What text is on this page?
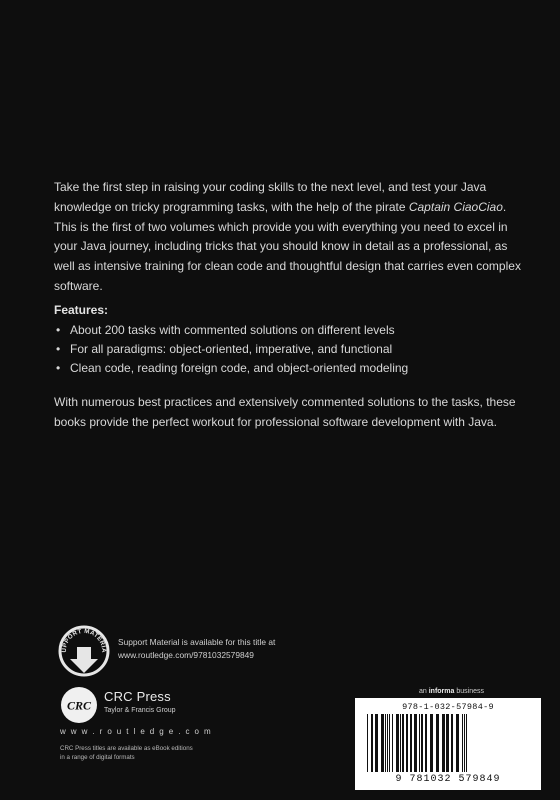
Take the first step in raising your coding skills to the next level, and test your Java knowledge on tricky programming tasks, with the help of the pirate Captain CiaoCiao. This is the first of two volumes which provide you with everything you need to excel in your Java journey, including tricks that you should know in detail as a professional, as well as intensive training for clean code and thoughtful design that carries even complex software.

Features:
• About 200 tasks with commented solutions on different levels
• For all paradigms: object-oriented, imperative, and functional
• Clean code, reading foreign code, and object-oriented modeling
With numerous best practices and extensively commented solutions to the tasks, these books provide the perfect workout for professional software development with Java.
UPPORT MATERIA
Support Material is available for this title at
www.routledge.com/9781032579849
CRC
CRC Press
Taylor & Francis Group
w w w . r o u t l e d g e . c o m
CRC Press titles are available as eBook editions
in a range of digital formats
an informa business
978-1-032-57984-9
9 781032 579849
